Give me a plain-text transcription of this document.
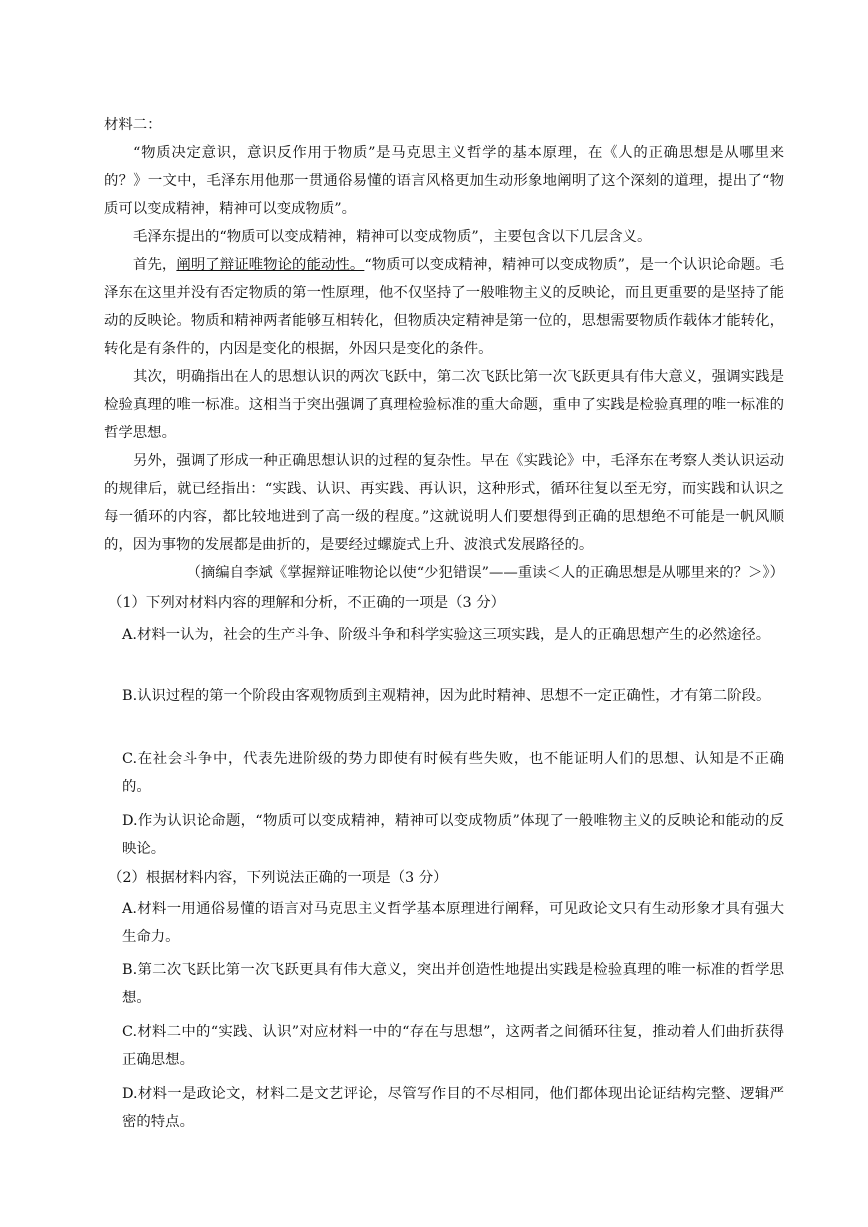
材料二：

“物质决定意识，意识反作用于物质”是马克思主义哲学的基本原理，在《人的正确思想是从哪里来的？》一文中，毛泽东用他那一贯通俗易懂的语言风格更加生动形象地阐明了这个深刻的道理，提出了“物质可以变成精神，精神可以变成物质”。

毛泽东提出的“物质可以变成精神，精神可以变成物质”，主要包含以下几层含义。

首先，阐明了辩证唯物论的能动性。“物质可以变成精神，精神可以变成物质”，是一个认识论命题。毛泽东在这里并没有否定物质的第一性原理，他不仅坚持了一般唯物主义的反映论，而且更重要的是坚持了能动的反映论。物质和精神两者能够互相转化，但物质决定精神是第一位的，思想需要物质作载体才能转化，转化是有条件的，内因是变化的根据，外因只是变化的条件。

其次，明确指出在人的思想认识的两次飞跃中，第二次飞跃比第一次飞跃更具有伟大意义，强调实践是检验真理的唯一标准。这相当于突出强调了真理检验标准的重大命题，重申了实践是检验真理的唯一标准的哲学思想。

另外，强调了形成一种正确思想认识的过程的复杂性。早在《实践论》中，毛泽东在考察人类认识运动的规律后，就已经指出：“实践、认识、再实践、再认识，这种形式，循环往复以至无穷，而实践和认识之每一循环的内容，都比较地进到了高一级的程度。”这就说明人们要想得到正确的思想绝不可能是一帆风顺的，因为事物的发展都是曲折的，是要经过螺旋式上升、波浪式发展路径的。

（摘编自李斌《掌握辩证唯物论以使“少犯错误”——重读＜人的正确思想是从哪里来的？＞》）

（1）下列对材料内容的理解和分析，不正确的一项是（3 分）

A.材料一认为，社会的生产斗争、阶级斗争和科学实验这三项实践，是人的正确思想产生的必然途径。

B.认识过程的第一个阶段由客观物质到主观精神，因为此时精神、思想不一定正确性，才有第二阶段。

C.在社会斗争中，代表先进阶级的势力即使有时候有些失败，也不能证明人们的思想、认知是不正确的。

D.作为认识论命题，“物质可以变成精神，精神可以变成物质”体现了一般唯物主义的反映论和能动的反映论。

（2）根据材料内容，下列说法正确的一项是（3 分）

A.材料一用通俗易懂的语言对马克思主义哲学基本原理进行阐释，可见政论文只有生动形象才具有强大生命力。

B.第二次飞跃比第一次飞跃更具有伟大意义，突出并创造性地提出实践是检验真理的唯一标准的哲学思想。

C.材料二中的“实践、认识”对应材料一中的“存在与思想”，这两者之间循环往复，推动着人们曲折获得正确思想。

D.材料一是政论文，材料二是文艺评论，尽管写作目的不尽相同，他们都体现出论证结构完整、逻辑严密的特点。
